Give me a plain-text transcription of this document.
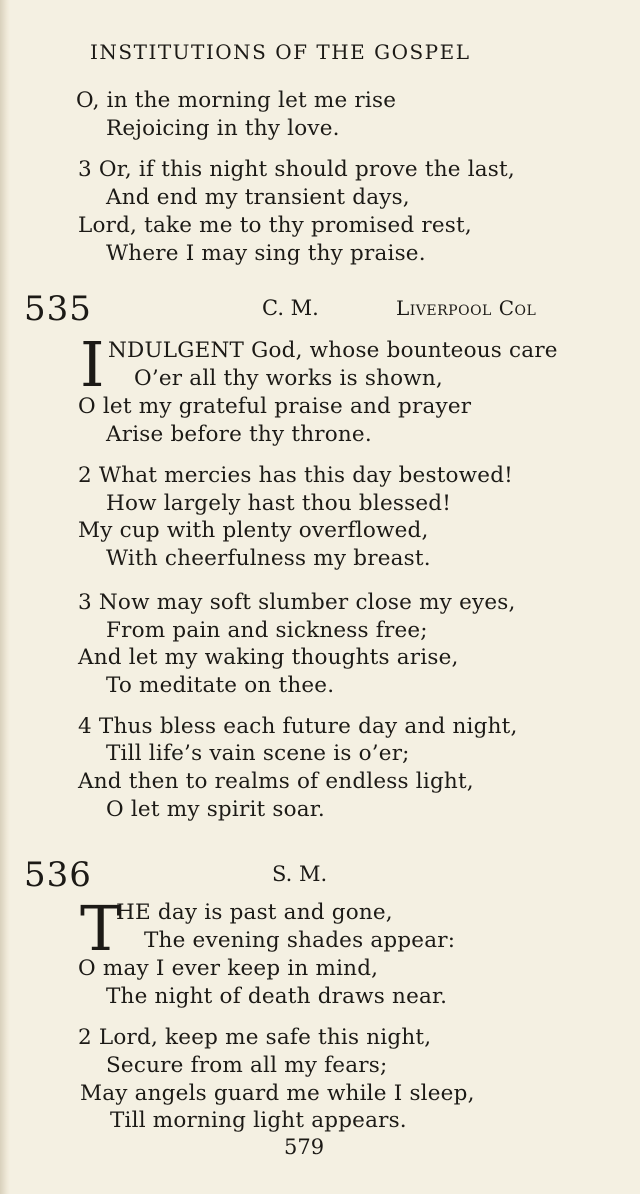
INSTITUTIONS OF THE GOSPEL
O, in the morning let me rise
Rejoicing in thy love.
3 Or, if this night should prove the last,
And end my transient days,
Lord, take me to thy promised rest,
Where I may sing thy praise.
535	C. M.	Liverpool Col
I NDULGENT God, whose bounteous care
O’er all thy works is shown,
O let my grateful praise and prayer
Arise before thy throne.
2 What mercies has this day bestowed!
How largely hast thou blessed!
My cup with plenty overflowed,
With cheerfulness my breast.
3 Now may soft slumber close my eyes,
From pain and sickness free;
And let my waking thoughts arise,
To meditate on thee.
4 Thus bless each future day and night,
Till life’s vain scene is o’er;
And then to realms of endless light,
O let my spirit soar.
536	S. M.
T
HE day is past and gone,
The evening shades appear:
O may I ever keep in mind,
The night of death draws near.
2 Lord, keep me safe this night,
Secure from all my fears;
May angels guard me while I sleep,
Till morning light appears.
579
